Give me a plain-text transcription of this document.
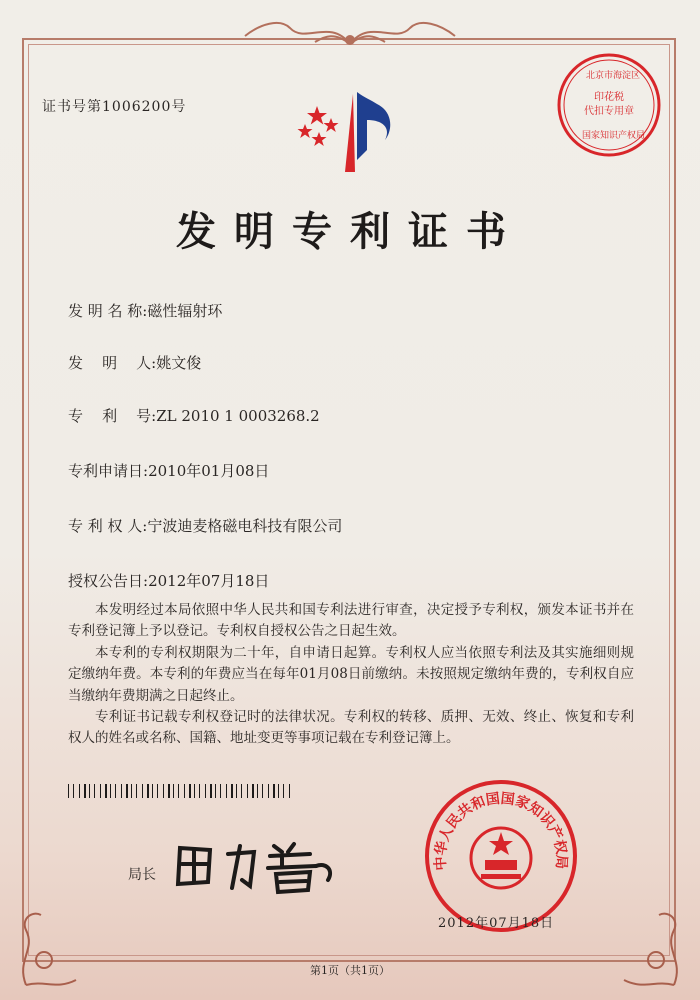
证书号第1006200号
北京市海淀区
印花税
代扣专用章
国家知识产权局
发明专利证书
发 明 名 称:磁性辐射环
发    明    人:姚文俊
专    利    号:ZL 2010 1 0003268.2
专利申请日:2010年01月08日
专 利 权 人:宁波迪麦格磁电科技有限公司
授权公告日:2012年07月18日

本发明经过本局依照中华人民共和国专利法进行审查，决定授予专利权，颁发本证书并在专利登记簿上予以登记。专利权自授权公告之日起生效。

本专利的专利权期限为二十年，自申请日起算。专利权人应当依照专利法及其实施细则规定缴纳年费。本专利的年费应当在每年01月08日前缴纳。未按照规定缴纳年费的，专利权自应当缴纳年费期满之日起终止。

专利证书记载专利权登记时的法律状况。专利权的转移、质押、无效、终止、恢复和专利权人的姓名或名称、国籍、地址变更等事项记载在专利登记簿上。

局长
中华人民共和国国家知识产权局
2012年07月18日
第1页（共1页）
